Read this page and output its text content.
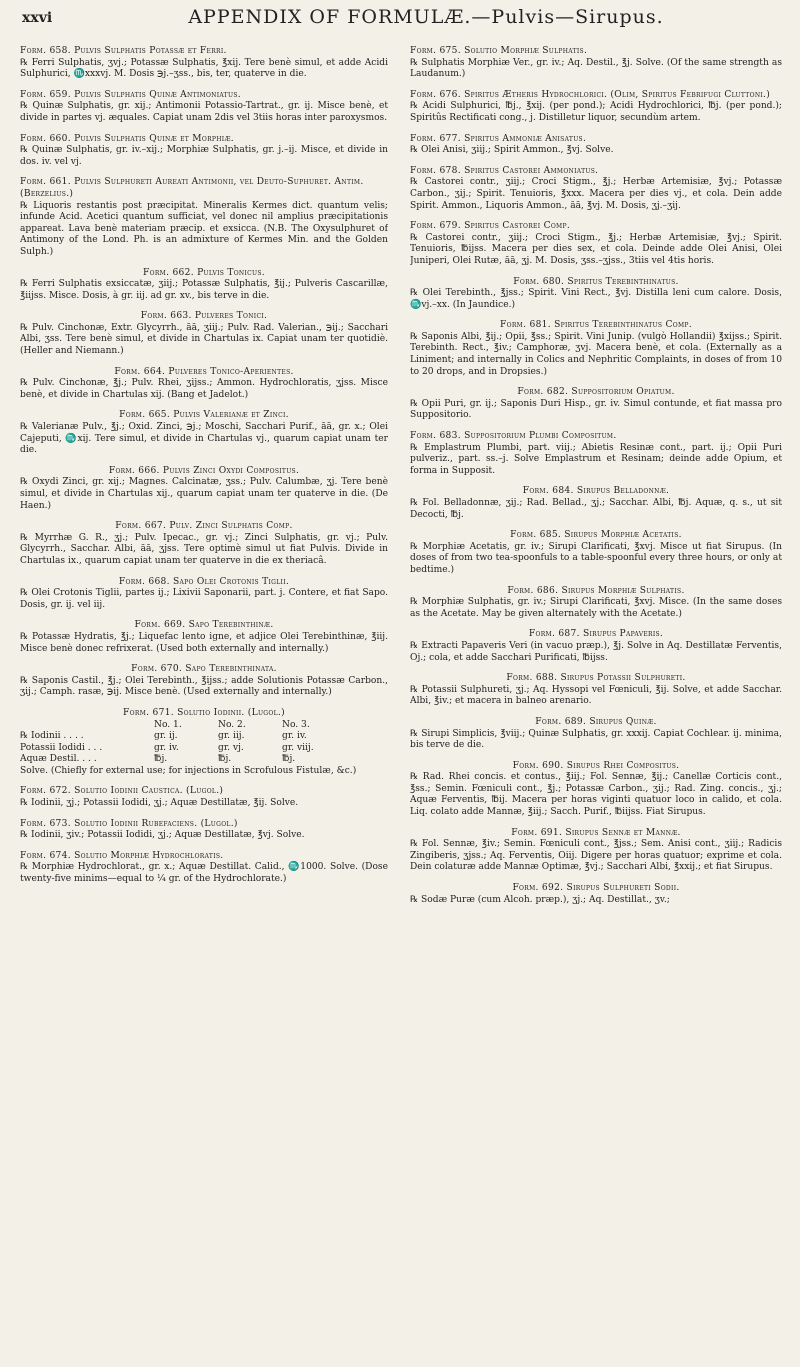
xxvi	APPENDIX OF FORMULÆ.—Pulvis—Sirupus.

Form. 658. Pulvis Sulphatis Potassæ et Ferri.

℞ Ferri Sulphatis, ʒvj.; Potassæ Sulphatis, ℥xij. Tere benè simul, et adde Acidi Sulphurici, ♏xxxvj. M. Dosis ℈j.–ʒss., bis, ter, quaterve in die.

Form. 659. Pulvis Sulphatis Quinæ Antimoniatus.

℞ Quinæ Sulphatis, gr. xij.; Antimonii Potassio-Tartrat., gr. ij. Misce benè, et divide in partes vj. æquales. Capiat unam 2dis vel 3tiis horas inter paroxysmos.

Form. 660. Pulvis Sulphatis Quinæ et Morphiæ.

℞ Quinæ Sulphatis, gr. iv.–xij.; Morphiæ Sulphatis, gr. j.–ij. Misce, et divide in dos. iv. vel vj.

Form. 661. Pulvis Sulphureti Aureati Antimonii, vel Deuto-Suphuret. Antim. (Berzelius.)

℞ Liquoris restantis post præcipitat. Mineralis Kermes dict. quantum velis; infunde Acid. Acetici quantum sufficiat, vel donec nil amplius præcipitationis appareat. Lava benè materiam præcip. et exsicca. (N.B. The Oxysulphuret of Antimony of the Lond. Ph. is an admixture of Kermes Min. and the Golden Sulph.)

Form. 662. Pulvis Tonicus.

℞ Ferri Sulphatis exsiccatæ, ʒiij.; Potassæ Sulphatis, ℥ij.; Pulveris Cascarillæ, ℥iijss. Misce. Dosis, à gr. iij. ad gr. xv., bis terve in die.

Form. 663. Pulveres Tonici.

℞ Pulv. Cinchonæ, Extr. Glycyrrh., āā, ʒiij.; Pulv. Rad. Valerian., ℈ij.; Sacchari Albi, ʒss. Tere benè simul, et divide in Chartulas ix. Capiat unam ter quotidiè. (Heller and Niemann.)

Form. 664. Pulveres Tonico-Aperientes.

℞ Pulv. Cinchonæ, ℥j.; Pulv. Rhei, ʒijss.; Ammon. Hydrochloratis, ʒjss. Misce benè, et divide in Chartulas xij. (Bang et Jadelot.)

Form. 665. Pulvis Valerianæ et Zinci.

℞ Valerianæ Pulv., ℥j.; Oxid. Zinci, ℈j.; Moschi, Sacchari Purif., āā, gr. x.; Olei Cajeputi, ♏xij. Tere simul, et divide in Chartulas vj., quarum capiat unam ter die.

Form. 666. Pulvis Zinci Oxydi Compositus.

℞ Oxydi Zinci, gr. xij.; Magnes. Calcinatæ, ʒss.; Pulv. Calumbæ, ʒj. Tere benè simul, et divide in Chartulas xij., quarum capiat unam ter quaterve in die. (De Haen.)

Form. 667. Pulv. Zinci Sulphatis Comp.

℞ Myrrhæ G. R., ʒj.; Pulv. Ipecac., gr. vj.; Zinci Sulphatis, gr. vj.; Pulv. Glycyrrh., Sacchar. Albi, āā, ʒjss. Tere optimè simul ut fiat Pulvis. Divide in Chartulas ix., quarum capiat unam ter quaterve in die ex theriacâ.

Form. 668. Sapo Olei Crotonis Tiglii.

℞ Olei Crotonis Tiglii, partes ij.; Lixivii Saponarii, part. j. Contere, et fiat Sapo. Dosis, gr. ij. vel iij.

Form. 669. Sapo Terebinthinæ.

℞ Potassæ Hydratis, ℥j.; Liquefac lento igne, et adjice Olei Terebinthinæ, ℥iij. Misce benè donec refrixerat. (Used both externally and internally.)

Form. 670. Sapo Terebinthinata.

℞ Saponis Castil., ℥j.; Olei Terebinth., ℥ijss.; adde Solutionis Potassæ Carbon., ʒij.; Camph. rasæ, ℈ij. Misce benè. (Used externally and internally.)

Form. 671. Solutio Iodinii. (Lugol.)

	No. 1.	No. 2.	No. 3.
℞ Iodinii . . . .	gr. ij.	gr. iij.	gr. iv.
Potassii Iodidi . . .	gr. iv.	gr. vj.	gr. viij.
Aquæ Destil. . . .	℔j.	℔j.	℔j.

Solve. (Chiefly for external use; for injections in Scrofulous Fistulæ, &c.)

Form. 672. Solutio Iodinii Caustica. (Lugol.)

℞ Iodinii, ʒj.; Potassii Iodidi, ʒj.; Aquæ Destillatæ, ℥ij. Solve.

Form. 673. Solutio Iodinii Rubefaciens. (Lugol.)

℞ Iodinii, ʒiv.; Potassii Iodidi, ʒj.; Aquæ Destillatæ, ℥vj. Solve.

Form. 674. Solutio Morphiæ Hydrochloratis.

℞ Morphiæ Hydrochlorat., gr. x.; Aquæ Destillat. Calid., ♏1000. Solve. (Dose twenty-five minims—equal to ¼ gr. of the Hydrochlorate.)

Form. 675. Solutio Morphiæ Sulphatis.

℞ Sulphatis Morphiæ Ver., gr. iv.; Aq. Destil., ℥j. Solve. (Of the same strength as Laudanum.)

Form. 676. Spiritus Ætheris Hydrochlorici. (Olim, Spiritus Febrifugi Cluttoni.)

℞ Acidi Sulphurici, ℔j., ℥xij. (per pond.); Acidi Hydrochlorici, ℔j. (per pond.); Spiritûs Rectificati cong., j. Distilletur liquor, secundùm artem.

Form. 677. Spiritus Ammoniæ Anisatus.

℞ Olei Anisi, ʒiij.; Spirit Ammon., ℥vj. Solve.

Form. 678. Spiritus Castorei Ammoniatus.

℞ Castorei contr., ʒiij.; Croci Stigm., ℥j.; Herbæ Artemisiæ, ℥vj.; Potassæ Carbon., ʒij.; Spirit. Tenuioris, ℥xxx. Macera per dies vj., et cola. Dein adde Spirit. Ammon., Liquoris Ammon., āā, ℥vj. M. Dosis, ʒj.–ʒij.

Form. 679. Spiritus Castorei Comp.

℞ Castorei contr., ʒiij.; Croci Stigm., ℥j.; Herbæ Artemisiæ, ℥vj.; Spirit. Tenuioris, ℔ijss. Macera per dies sex, et cola. Deinde adde Olei Anisi, Olei Juniperi, Olei Rutæ, āā, ʒj. M. Dosis, ʒss.–ʒjss., 3tiis vel 4tis horis.

Form. 680. Spiritus Terebinthinatus.

℞ Olei Terebinth., ℥jss.; Spirit. Vini Rect., ℥vj. Distilla leni cum calore. Dosis, ♏vj.–xx. (In Jaundice.)

Form. 681. Spiritus Terebinthinatus Comp.

℞ Saponis Albi, ℥ij.; Opii, ℥ss.; Spirit. Vini Junip. (vulgò Hollandii) ℥xijss.; Spirit. Terebinth. Rect., ℥iv.; Camphoræ, ʒvj. Macera benè, et cola. (Externally as a Liniment; and internally in Colics and Nephritic Complaints, in doses of from 10 to 20 drops, and in Dropsies.)

Form. 682. Suppositorium Opiatum.

℞ Opii Puri, gr. ij.; Saponis Duri Hisp., gr. iv. Simul contunde, et fiat massa pro Suppositorio.

Form. 683. Suppositorium Plumbi Compositum.

℞ Emplastrum Plumbi, part. viij.; Abietis Resinæ cont., part. ij.; Opii Puri pulveriz., part. ss.–j. Solve Emplastrum et Resinam; deinde adde Opium, et forma in Supposit.

Form. 684. Sirupus Belladonnæ.

℞ Fol. Belladonnæ, ʒij.; Rad. Bellad., ʒj.; Sacchar. Albi, ℔j. Aquæ, q. s., ut sit Decocti, ℔j.

Form. 685. Sirupus Morphiæ Acetatis.

℞ Morphiæ Acetatis, gr. iv.; Sirupi Clarificati, ℥xvj. Misce ut fiat Sirupus. (In doses of from two tea-spoonfuls to a table-spoonful every three hours, or only at bedtime.)

Form. 686. Sirupus Morphiæ Sulphatis.

℞ Morphiæ Sulphatis, gr. iv.; Sirupi Clarificati, ℥xvj. Misce. (In the same doses as the Acetate. May be given alternately with the Acetate.)

Form. 687. Sirupus Papaveris.

℞ Extracti Papaveris Veri (in vacuo præp.), ℥j. Solve in Aq. Destillatæ Ferventis, Oj.; cola, et adde Sacchari Purificati, ℔ijss.

Form. 688. Sirupus Potassii Sulphureti.

℞ Potassii Sulphureti, ʒj.; Aq. Hyssopi vel Fœniculi, ℥ij. Solve, et adde Sacchar. Albi, ℥iv.; et macera in balneo arenario.

Form. 689. Sirupus Quinæ.

℞ Sirupi Simplicis, ℥viij.; Quinæ Sulphatis, gr. xxxij. Capiat Cochlear. ij. minima, bis terve de die.

Form. 690. Sirupus Rhei Compositus.

℞ Rad. Rhei concis. et contus., ℥iij.; Fol. Sennæ, ℥ij.; Canellæ Corticis cont., ℥ss.; Semin. Fœniculi cont., ℥j.; Potassæ Carbon., ʒij.; Rad. Zing. concis., ʒj.; Aquæ Ferventis, ℔ij. Macera per horas viginti quatuor loco in calido, et cola. Liq. colato adde Mannæ, ℥iij.; Sacch. Purif., ℔iijss. Fiat Sirupus.

Form. 691. Sirupus Sennæ et Mannæ.

℞ Fol. Sennæ, ℥iv.; Semin. Fœniculi cont., ℥jss.; Sem. Anisi cont., ʒiij.; Radicis Zingiberis, ʒjss.; Aq. Ferventis, Oiij. Digere per horas quatuor; exprime et cola. Dein colaturæ adde Mannæ Optimæ, ℥vj.; Sacchari Albi, ℥xxij.; et fiat Sirupus.

Form. 692. Sirupus Sulphureti Sodii.

℞ Sodæ Puræ (cum Alcoh. præp.), ʒj.; Aq. Destillat., ʒv.;
